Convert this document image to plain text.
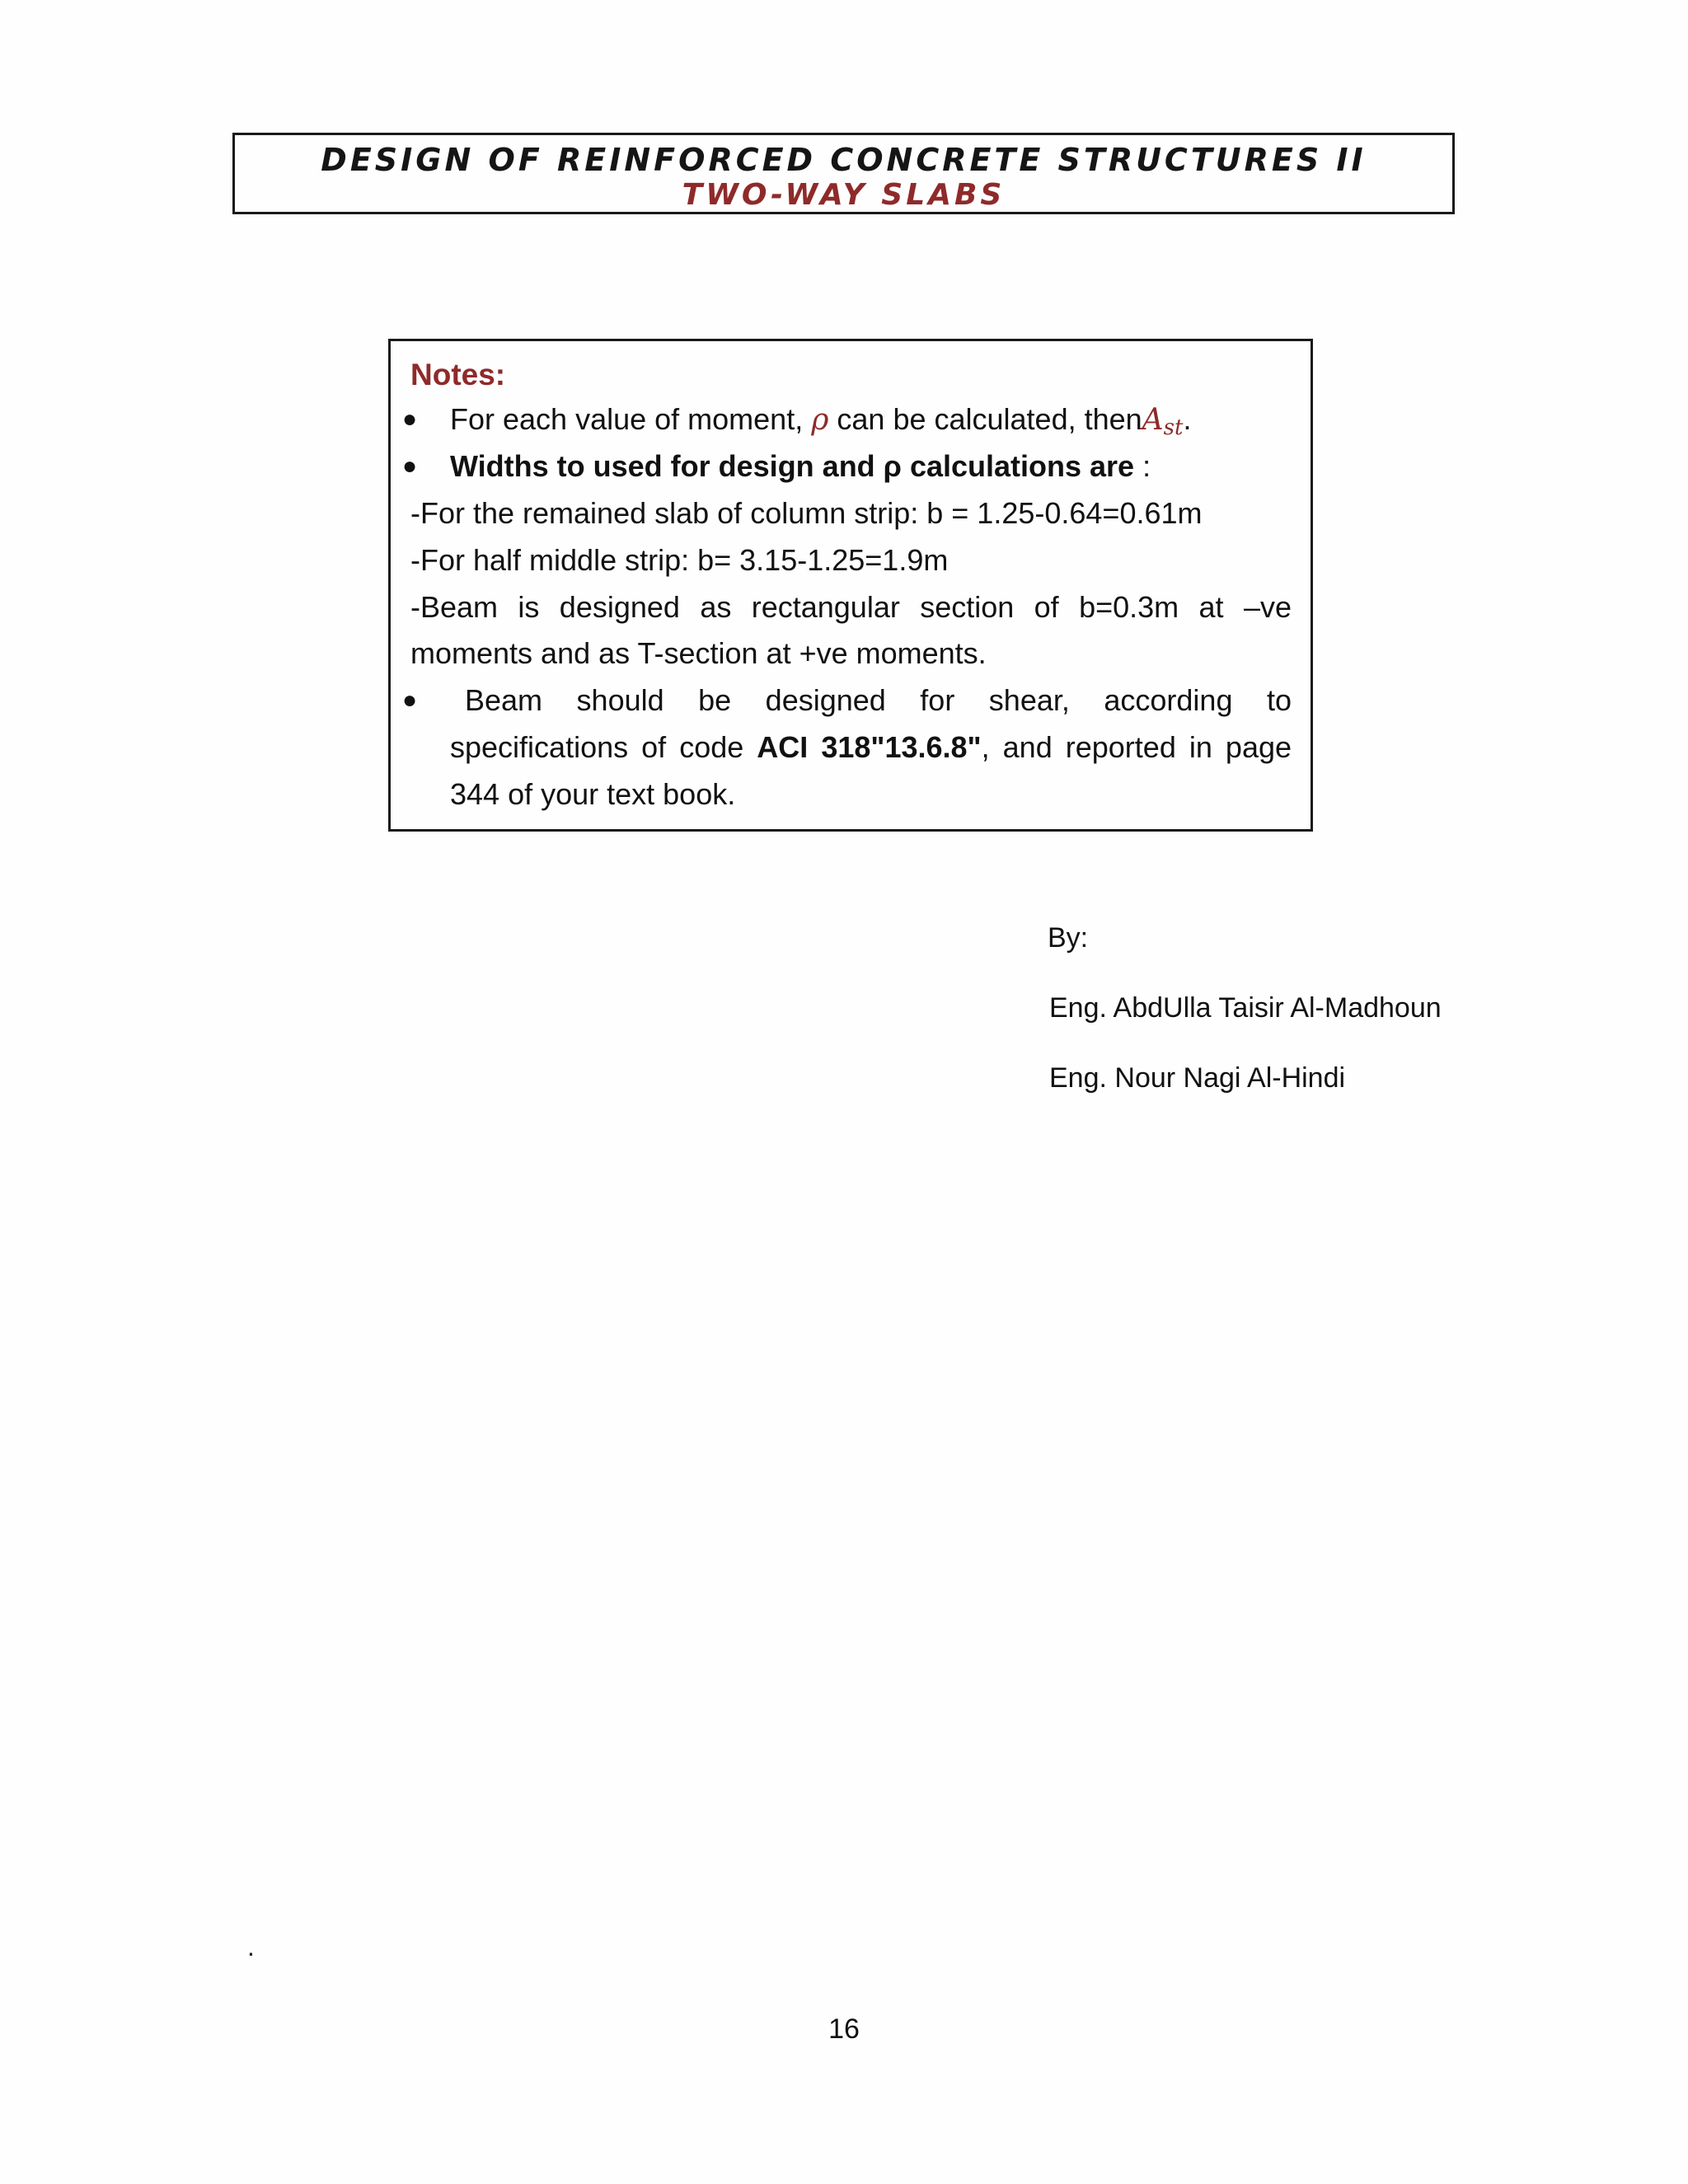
DESIGN OF REINFORCED CONCRETE STRUCTURES II
TWO-WAY SLABS
Notes:
● For each value of moment, ρ can be calculated, thenA$_{st}$.
● Widths to used for design and ρ calculations are :
-For the remained slab of column strip: b = 1.25-0.64=0.61m
-For half middle strip: b= 3.15-1.25=1.9m
-Beam is designed as rectangular section of b=0.3m at –ve
moments and as T-section at +ve moments.
● Beam should be designed for shear, according to
specifications of code ACI 318"13.6.8", and reported in page
344 of your text book.
By:
Eng. AbdUlla Taisir Al-Madhoun
Eng. Nour Nagi Al-Hindi
.
16
